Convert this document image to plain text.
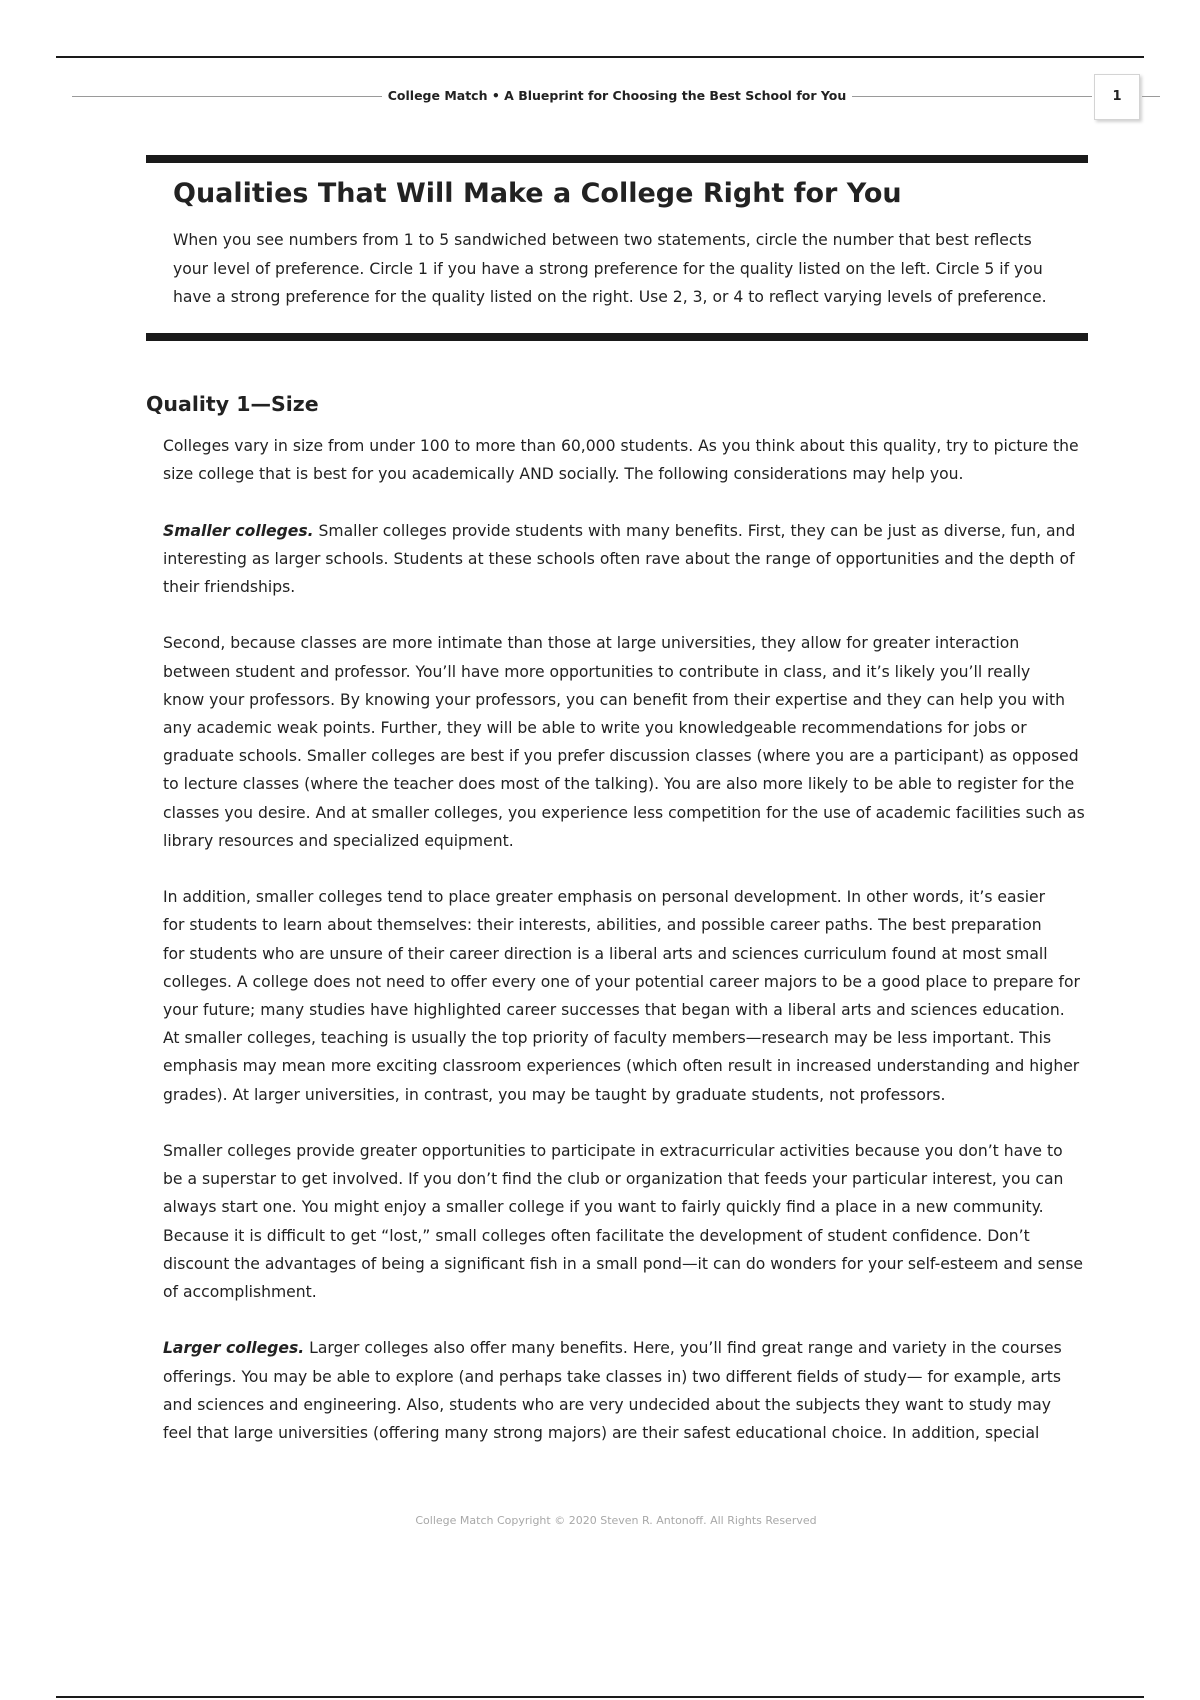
College Match • A Blueprint for Choosing the Best School for You	1
Qualities That Will Make a College Right for You
When you see numbers from 1 to 5 sandwiched between two statements, circle the number that best reflects
your level of preference. Circle 1 if you have a strong preference for the quality listed on the left. Circle 5 if you
have a strong preference for the quality listed on the right. Use 2, 3, or 4 to reflect varying levels of preference.
Quality 1—Size

Colleges vary in size from under 100 to more than 60,000 students. As you think about this quality, try to picture the
size college that is best for you academically AND socially. The following considerations may help you.

Smaller colleges. Smaller colleges provide students with many benefits. First, they can be just as diverse, fun, and
interesting as larger schools. Students at these schools often rave about the range of opportunities and the depth of
their friendships.

Second, because classes are more intimate than those at large universities, they allow for greater interaction
between student and professor. You’ll have more opportunities to contribute in class, and it’s likely you’ll really
know your professors. By knowing your professors, you can benefit from their expertise and they can help you with
any academic weak points. Further, they will be able to write you knowledgeable recommendations for jobs or
graduate schools. Smaller colleges are best if you prefer discussion classes (where you are a participant) as opposed
to lecture classes (where the teacher does most of the talking). You are also more likely to be able to register for the
classes you desire. And at smaller colleges, you experience less competition for the use of academic facilities such as
library resources and specialized equipment.

In addition, smaller colleges tend to place greater emphasis on personal development. In other words, it’s easier
for students to learn about themselves: their interests, abilities, and possible career paths. The best preparation
for students who are unsure of their career direction is a liberal arts and sciences curriculum found at most small
colleges. A college does not need to offer every one of your potential career majors to be a good place to prepare for
your future; many studies have highlighted career successes that began with a liberal arts and sciences education.
At smaller colleges, teaching is usually the top priority of faculty members—research may be less important. This
emphasis may mean more exciting classroom experiences (which often result in increased understanding and higher
grades). At larger universities, in contrast, you may be taught by graduate students, not professors.

Smaller colleges provide greater opportunities to participate in extracurricular activities because you don’t have to
be a superstar to get involved. If you don’t find the club or organization that feeds your particular interest, you can
always start one. You might enjoy a smaller college if you want to fairly quickly find a place in a new community.
Because it is difficult to get “lost,” small colleges often facilitate the development of student confidence. Don’t
discount the advantages of being a significant fish in a small pond—it can do wonders for your self-esteem and sense
of accomplishment.

Larger colleges. Larger colleges also offer many benefits. Here, you’ll find great range and variety in the courses
offerings. You may be able to explore (and perhaps take classes in) two different fields of study— for example, arts
and sciences and engineering. Also, students who are very undecided about the subjects they want to study may
feel that large universities (offering many strong majors) are their safest educational choice. In addition, special

College Match Copyright © 2020 Steven R. Antonoff. All Rights Reserved
